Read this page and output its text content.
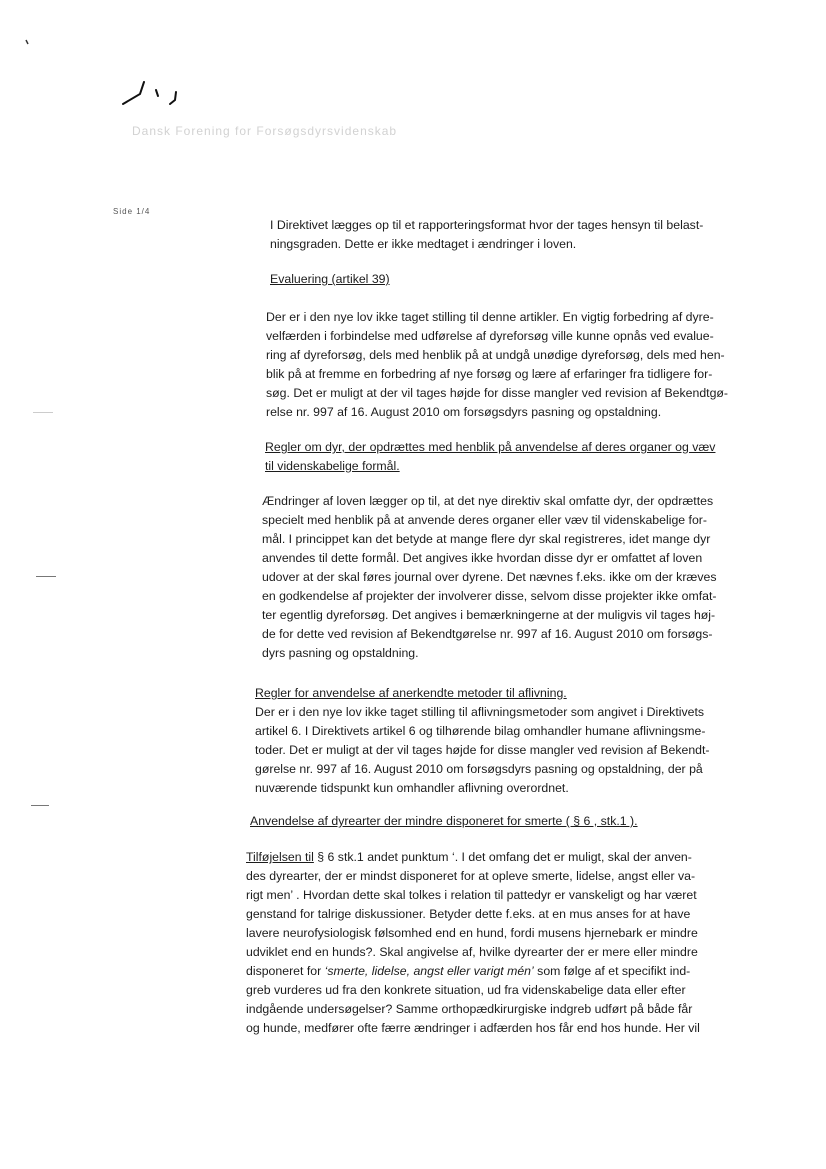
Dansk Forening for Forsøgsdyrsvidenskab
Side 1/4

I Direktivet lægges op til et rapporteringsformat hvor der tages hensyn til belast-

ningsgraden. Dette er ikke medtaget i ændringer i loven.

Evaluering (artikel 39)

Der er i den nye lov ikke taget stilling til denne artikler. En vigtig forbedring af dyre-

velfærden i forbindelse med udførelse af dyreforsøg ville kunne opnås ved evalue-

ring af dyreforsøg, dels med henblik på at undgå unødige dyreforsøg, dels med hen-

blik på at fremme en forbedring af nye forsøg og lære af erfaringer fra tidligere for-

søg. Det er muligt at der vil tages højde for disse mangler ved revision af Bekendtgø-

relse nr. 997 af 16. August 2010 om forsøgsdyrs pasning og opstaldning.

Regler om dyr, der opdrættes med henblik på anvendelse af deres organer og væv

til videnskabelige formål.

Ændringer af loven lægger op til, at det nye direktiv skal omfatte dyr, der opdrættes

specielt med henblik på at anvende deres organer eller væv til videnskabelige for-

mål. I princippet kan det betyde at mange flere dyr skal registreres, idet mange dyr

anvendes til dette formål. Det angives ikke hvordan disse dyr er omfattet af loven

udover at der skal føres journal over dyrene. Det nævnes f.eks. ikke om der kræves

en godkendelse af projekter der involverer disse, selvom disse projekter ikke omfat-

ter egentlig dyreforsøg. Det angives i bemærkningerne at der muligvis vil tages høj-

de for dette ved revision af Bekendtgørelse nr. 997 af 16. August 2010 om forsøgs-

dyrs pasning og opstaldning.

Regler for anvendelse af anerkendte metoder til aflivning.

Der er i den nye lov ikke taget stilling til aflivningsmetoder som angivet i Direktivets

artikel 6. I Direktivets artikel 6 og tilhørende bilag omhandler humane aflivningsme-

toder. Det er muligt at der vil tages højde for disse mangler ved revision af Bekendt-

gørelse nr. 997 af 16. August 2010 om forsøgsdyrs pasning og opstaldning, der på

nuværende tidspunkt kun omhandler aflivning overordnet.

Anvendelse af dyrearter der mindre disponeret for smerte ( § 6 , stk.1 ).

Tilføjelsen til § 6 stk.1 andet punktum ‘. I det omfang det er muligt, skal der anven-

des dyrearter, der er mindst disponeret for at opleve smerte, lidelse, angst eller va-

rigt men’ . Hvordan dette skal tolkes i relation til pattedyr er vanskeligt og har været

genstand for talrige diskussioner. Betyder dette f.eks. at en mus anses for at have

lavere neurofysiologisk følsomhed end en hund, fordi musens hjernebark er mindre

udviklet end en hunds?. Skal angivelse af, hvilke dyrearter der er mere eller mindre

disponeret for ‘smerte, lidelse, angst eller varigt mén’ som følge af et specifikt ind-

greb vurderes ud fra den konkrete situation, ud fra videnskabelige data eller efter

indgående undersøgelser? Samme orthopædkirurgiske indgreb udført på både får

og hunde, medfører ofte færre ændringer i adfærden hos får end hos hunde. Her vil
